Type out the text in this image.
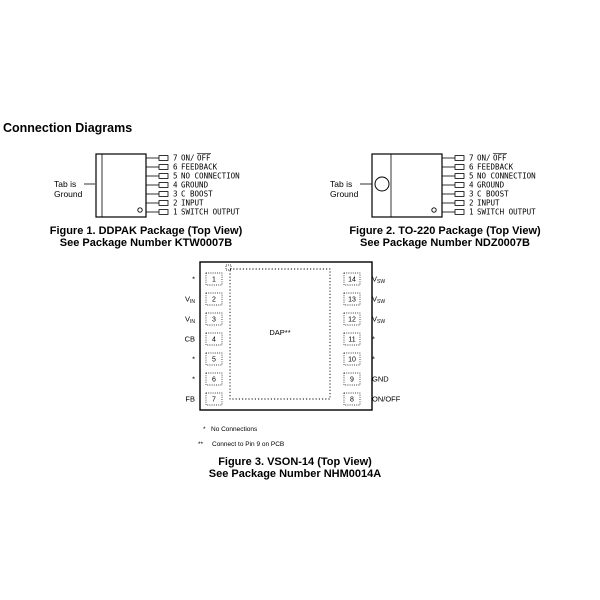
Connection Diagrams
Tab is
Ground
7 ON/ OFF
6 FEEDBACK
5 NO CONNECTION
4 GROUND
3 C BOOST
2 INPUT
1 SWITCH OUTPUT
Figure 1. DDPAK Package (Top View)
See Package Number KTW0007B
Tab is
Ground
7 ON/ OFF
6 FEEDBACK
5 NO CONNECTION
4 GROUND
3 C BOOST
2 INPUT
1 SWITCH OUTPUT
Figure 2. TO-220 Package (Top View)
See Package Number NDZ0007B
DAP**
1
*
2
$V_{IN}$
3
$V_{IN}$
4
CB
5
*
6
*
7
FB
14 $V_{SW}$
13 $V_{SW}$
12 $V_{SW}$
11 *
10 *
9 GND
8 ON/OFF
* No Connections
** Connect to Pin 9 on PCB
Figure 3. VSON-14 (Top View)
See Package Number NHM0014A
